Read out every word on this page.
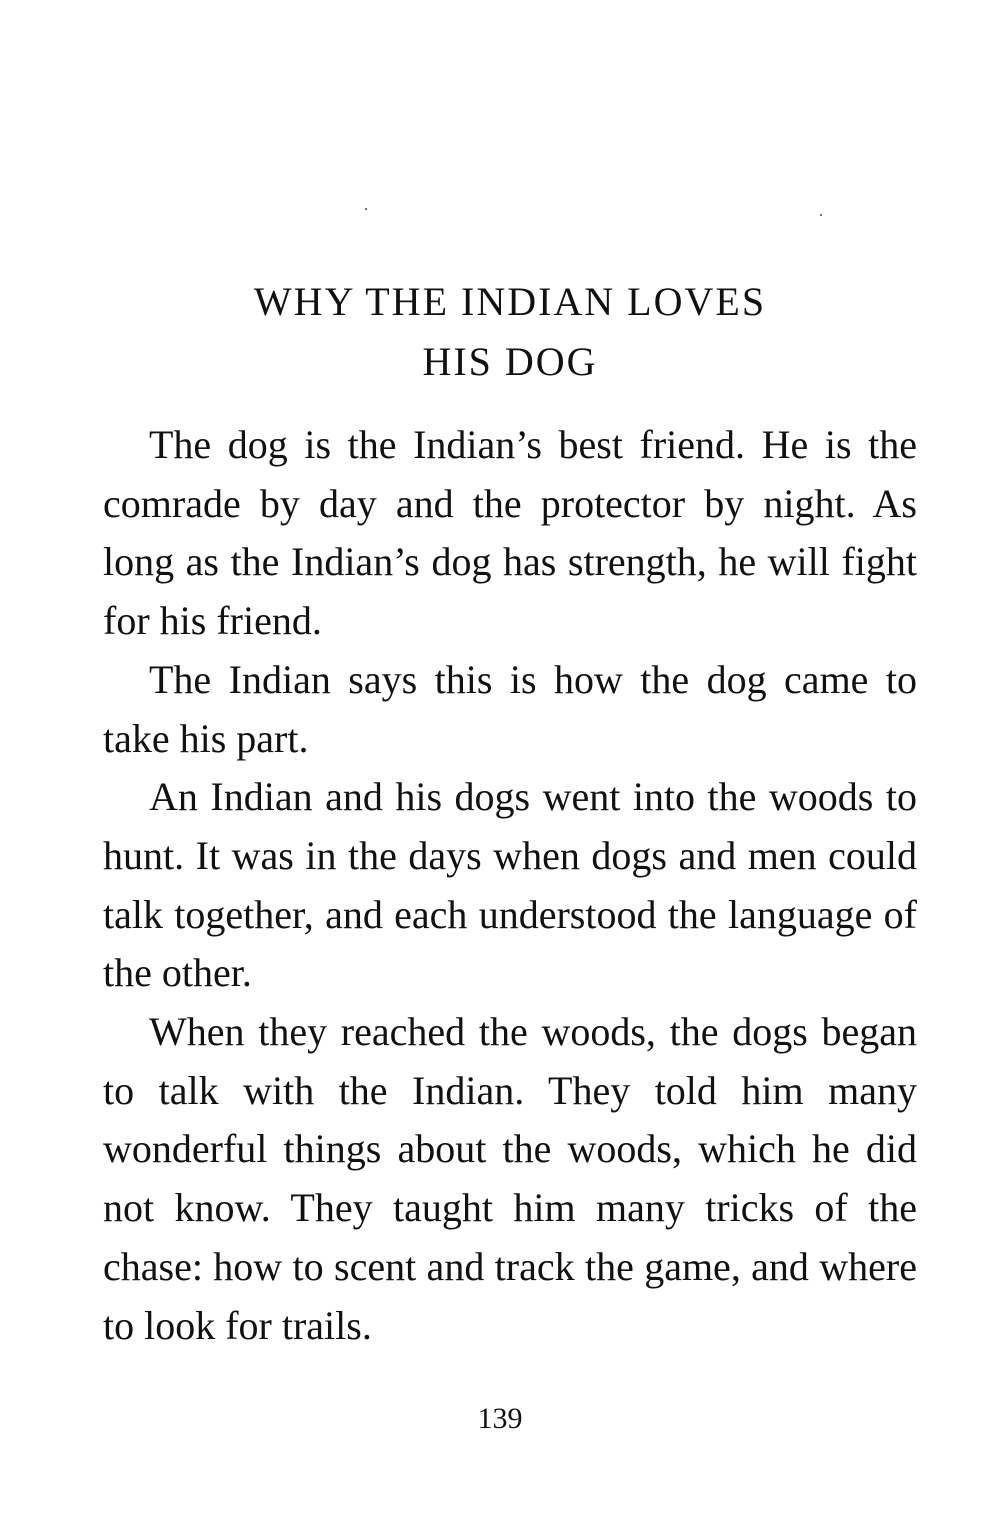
WHY THE INDIAN LOVES
HIS DOG

The dog is the Indian’s best friend. He is the comrade by day and the protector by night. As long as the Indian’s dog has strength, he will fight for his friend.

The Indian says this is how the dog came to take his part.

An Indian and his dogs went into the woods to hunt. It was in the days when dogs and men could talk together, and each understood the language of the other.

When they reached the woods, the dogs began to talk with the Indian. They told him many wonderful things about the woods, which he did not know. They taught him many tricks of the chase: how to scent and track the game, and where to look for trails.

139
